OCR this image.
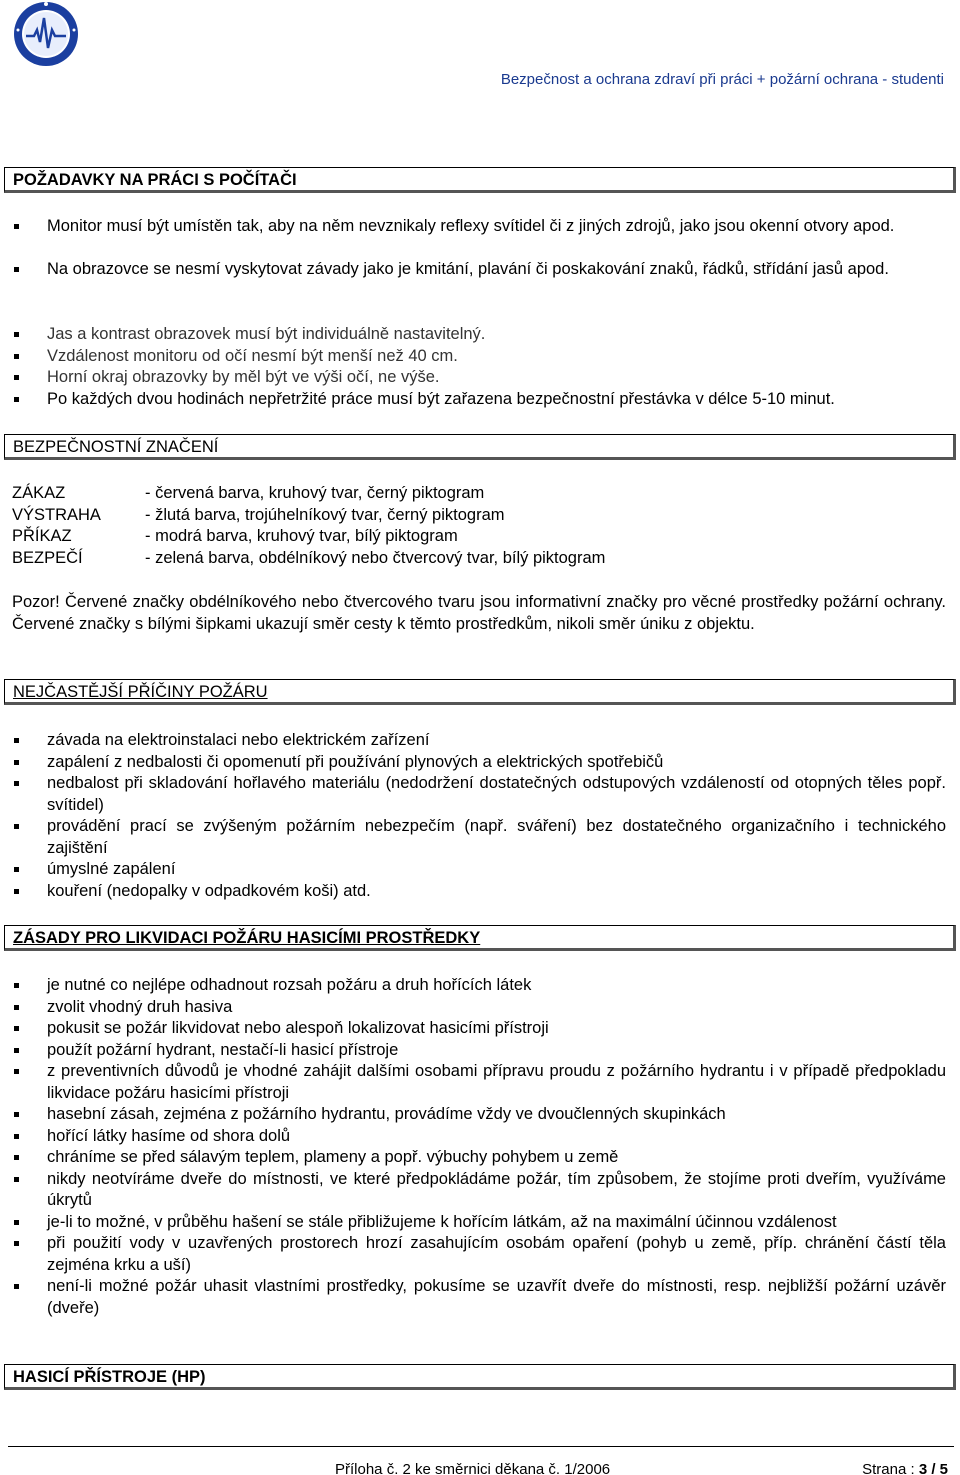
Bezpečnost a ochrana zdraví při práci + požární ochrana - studenti
POŽADAVKY NA PRÁCI S POČÍTAČI
Monitor musí být umístěn tak, aby na něm nevznikaly reflexy svítidel či z jiných zdrojů, jako jsou okenní otvory apod.
Na obrazovce se nesmí vyskytovat závady jako je kmitání, plavání či poskakování znaků, řádků, střídání jasů apod.
Jas a kontrast obrazovek musí být individuálně nastavitelný.
Vzdálenost monitoru od očí nesmí být menší než 40 cm.
Horní okraj obrazovky by měl být ve výši očí, ne výše.
Po každých dvou hodinách nepřetržité práce musí být zařazena bezpečnostní přestávka v délce 5-10 minut.
BEZPEČNOSTNÍ ZNAČENÍ
ZÁKAZ	- červená barva, kruhový tvar, černý piktogram
VÝSTRAHA	- žlutá barva, trojúhelníkový tvar, černý piktogram
PŘÍKAZ	- modrá barva, kruhový tvar, bílý piktogram
BEZPEČÍ	- zelená barva, obdélníkový nebo čtvercový tvar, bílý piktogram
Pozor! Červené značky obdélníkového nebo čtvercového tvaru jsou informativní značky pro věcné prostředky požární ochrany. Červené značky s bílými šipkami ukazují směr cesty k těmto prostředkům, nikoli směr úniku z objektu.
NEJČASTĚJŠÍ PŘÍČINY POŽÁRU
závada na elektroinstalaci nebo elektrickém zařízení
zapálení z nedbalosti či opomenutí při používání plynových a elektrických spotřebičů
nedbalost při skladování hořlavého materiálu (nedodržení dostatečných odstupových vzdáleností od otopných těles popř. svítidel)
provádění prací se zvýšeným požárním nebezpečím (např. sváření) bez dostatečného organizačního i technického zajištění
úmyslné zapálení
kouření (nedopalky v odpadkovém koši) atd.
ZÁSADY PRO LIKVIDACI POŽÁRU HASICÍMI PROSTŘEDKY
je nutné co nejlépe odhadnout rozsah požáru a druh hořících látek
zvolit vhodný druh hasiva
pokusit se požár likvidovat nebo alespoň lokalizovat hasicími přístroji
použít požární hydrant, nestačí-li hasicí přístroje
z preventivních důvodů je vhodné zahájit dalšími osobami přípravu proudu z požárního hydrantu i v případě předpokladu likvidace požáru hasicími přístroji
hasební zásah, zejména z požárního hydrantu, provádíme vždy ve dvoučlenných skupinkách
hořící látky hasíme od shora dolů
chráníme se před sálavým teplem, plameny a popř. výbuchy pohybem u země
nikdy neotvíráme dveře do místnosti, ve které předpokládáme požár, tím způsobem, že stojíme proti dveřím, využíváme úkrytů
je-li to možné, v průběhu hašení se stále přibližujeme k hořícím látkám, až na maximální účinnou vzdálenost
při použití vody v uzavřených prostorech hrozí zasahujícím osobám opaření (pohyb u země, příp. chránění částí těla zejména krku a uší)
není-li možné požár uhasit vlastními prostředky, pokusíme se uzavřít dveře do místnosti, resp. nejbližší požární uzávěr (dveře)
HASICÍ PŘÍSTROJE (HP)
Příloha č. 2 ke směrnici děkana č. 1/2006	Strana : 3 / 5
